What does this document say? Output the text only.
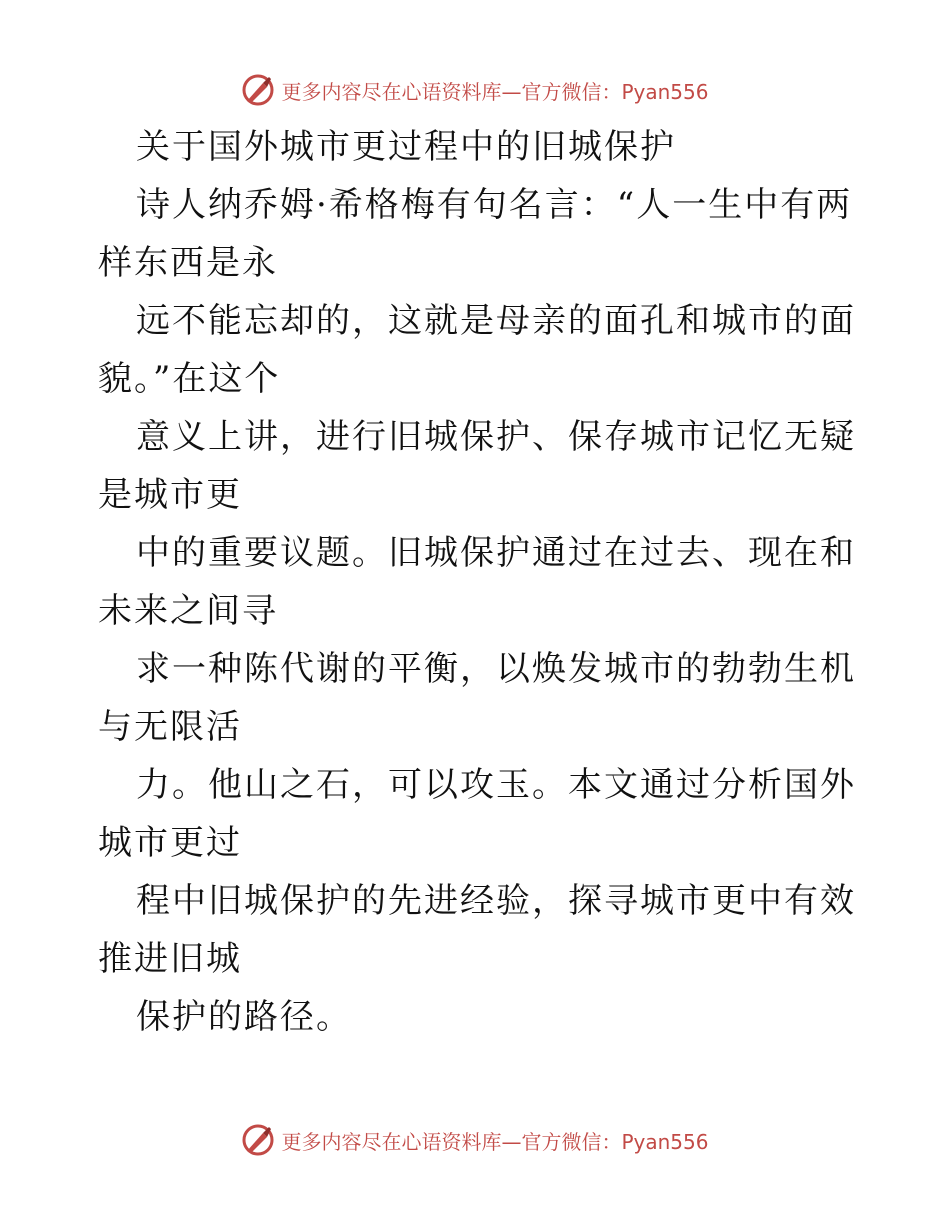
更多内容尽在心语资料库—官方微信：Pyan556

关于国外城市更过程中的旧城保护

诗人纳乔姆·希格梅有句名言：“人一生中有两样东西是永

远不能忘却的，这就是母亲的面孔和城市的面貌。”在这个

意义上讲，进行旧城保护、保存城市记忆无疑是城市更

中的重要议题。旧城保护通过在过去、现在和未来之间寻

求一种陈代谢的平衡，以焕发城市的勃勃生机与无限活

力。他山之石，可以攻玉。本文通过分析国外城市更过

程中旧城保护的先进经验，探寻城市更中有效推进旧城

保护的路径。

更多内容尽在心语资料库—官方微信：Pyan556
